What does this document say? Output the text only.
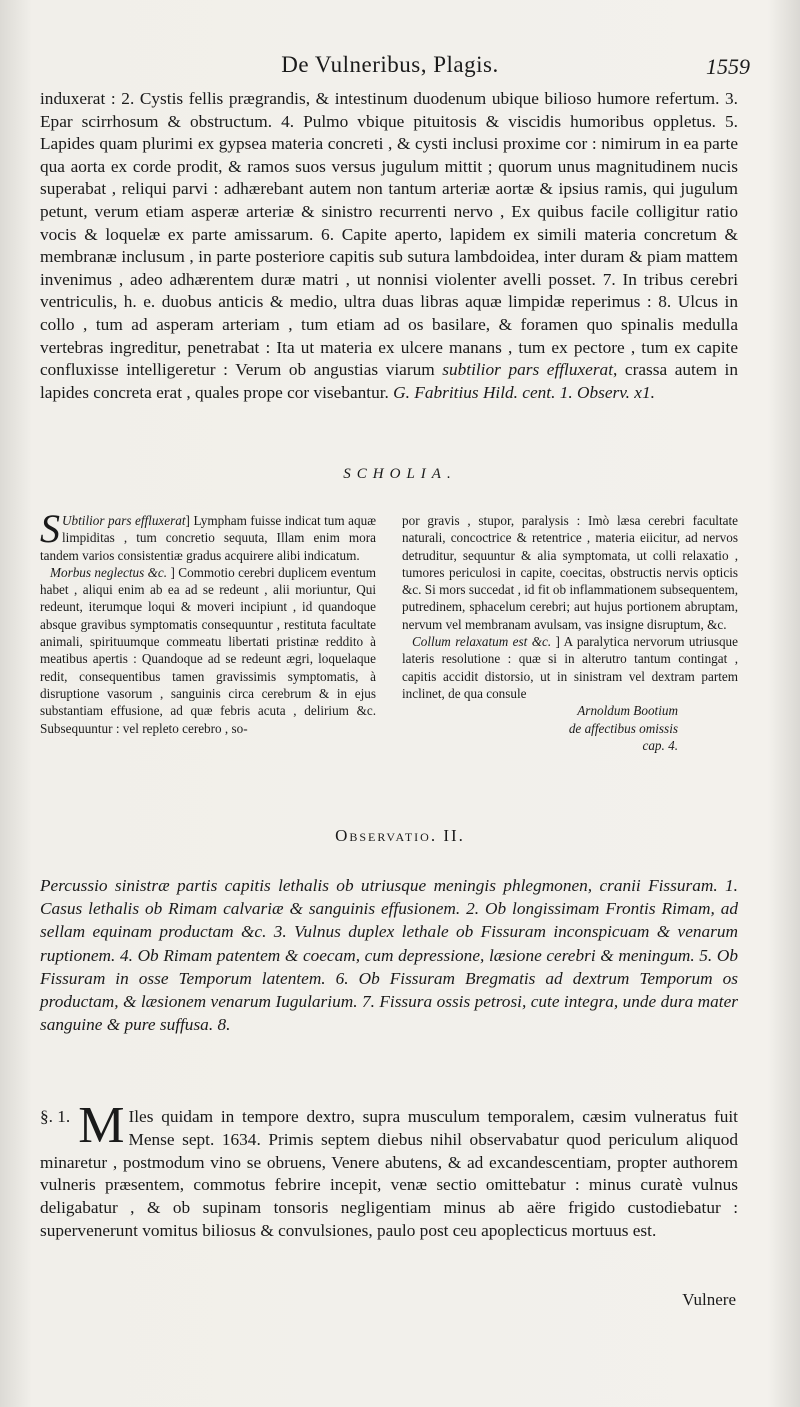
De Vulneribus, Plagis.	1559

induxerat : 2. Cystis fellis prægrandis, & intestinum duodenum ubique bilioso humore refertum. 3. Epar scirrhosum & obstructum. 4. Pulmo vbique pituitosis & viscidis humoribus oppletus. 5. Lapides quam plurimi ex gypsea materia concreti , & cysti inclusi proxime cor : nimirum in ea parte qua aorta ex corde prodit, & ramos suos versus jugulum mittit ; quorum unus magnitudinem nucis superabat , reliqui parvi : adhærebant autem non tantum arteriæ aortæ & ipsius ramis, qui jugulum petunt, verum etiam asperæ arteriæ & sinistro recurrenti nervo , Ex quibus facile colligitur ratio vocis & loquelæ ex parte amissarum. 6. Capite aperto, lapidem ex simili materia concretum & membranæ inclusum , in parte posteriore capitis sub sutura lambdoidea, inter duram & piam mattem invenimus , adeo adhærentem duræ matri , ut nonnisi violenter avelli posset. 7. In tribus cerebri ventriculis, h. e. duobus anticis & medio, ultra duas libras aquæ limpidæ reperimus : 8. Ulcus in collo , tum ad asperam arteriam , tum etiam ad os basilare, & foramen quo spinalis medulla vertebras ingreditur, penetrabat : Ita ut materia ex ulcere manans , tum ex pectore , tum ex capite confluxisse intelligeretur : Verum ob angustias viarum subtilior pars effluxerat, crassa autem in lapides concreta erat , quales prope cor visebantur. G. Fabritius Hild. cent. 1. Observ. x1.

SCHOLIA.

S Ubtilior pars effluxerat] Lympham fuisse indicat tum aquæ limpiditas , tum concretio sequuta, Illam enim mora tandem varios consistentiæ gradus acquirere alibi indicatum.

Morbus neglectus &c. ] Commotio cerebri duplicem eventum habet , aliqui enim ab ea ad se redeunt , alii moriuntur, Qui redeunt, iterumque loqui & moveri incipiunt , id quandoque absque gravibus symptomatis consequuntur , restituta facultate animali, spirituumque commeatu libertati pristinæ reddito à meatibus apertis : Quandoque ad se redeunt ægri, loquelaque redit, consequentibus tamen gravissimis symptomatis, à disruptione vasorum , sanguinis circa cerebrum & in ejus substantiam effusione, ad quæ febris acuta , delirium &c. Subsequuntur : vel repleto cerebro , so-

por gravis , stupor, paralysis : Imò læsa cerebri facultate naturali, concoctrice & retentrice , materia eiicitur, ad nervos detruditur, sequuntur & alia symptomata, ut colli relaxatio , tumores periculosi in capite, coecitas, obstructis nervis opticis &c. Si mors succedat , id fit ob inflammationem subsequentem, putredinem, sphacelum cerebri; aut hujus portionem abruptam, nervum vel membranam avulsam, vas insigne disruptum, &c.

Collum relaxatum est &c. ] A paralytica nervorum utriusque lateris resolutione : quæ si in alterutro tantum contingat , capitis accidit distorsio, ut in sinistram vel dextram partem inclinet, de qua consule

Arnoldum Bootium
de affectibus omissis
cap. 4.
Observatio. II.
Percussio sinistræ partis capitis lethalis ob utriusque meningis phlegmonen, cranii Fissuram. 1. Casus lethalis ob Rimam calvariæ & sanguinis effusionem. 2. Ob longissimam Frontis Rimam, ad sellam equinam productam &c. 3. Vulnus duplex lethale ob Fissuram inconspicuam & venarum ruptionem. 4. Ob Rimam patentem & coecam, cum depressione, læsione cerebri & meningum. 5. Ob Fissuram in osse Temporum latentem. 6. Ob Fissuram Bregmatis ad dextrum Temporum os productam, & læsionem venarum Iugularium. 7. Fissura ossis petrosi, cute integra, unde dura mater sanguine & pure suffusa. 8.
§. 1. M Iles quidam in tempore dextro, supra musculum temporalem, cæsim vulneratus fuit Mense sept. 1634. Primis septem diebus nihil observabatur quod periculum aliquod minaretur , postmodum vino se obruens, Venere abutens, & ad excandescentiam, propter authorem vulneris præsentem, commotus febrire incepit, venæ sectio omittebatur : minus curatè vulnus deligabatur , & ob supinam tonsoris negligentiam minus ab aëre frigido custodiebatur : supervenerunt vomitus biliosus & convulsiones, paulo post ceu apoplecticus mortuus est.
Vulnere
